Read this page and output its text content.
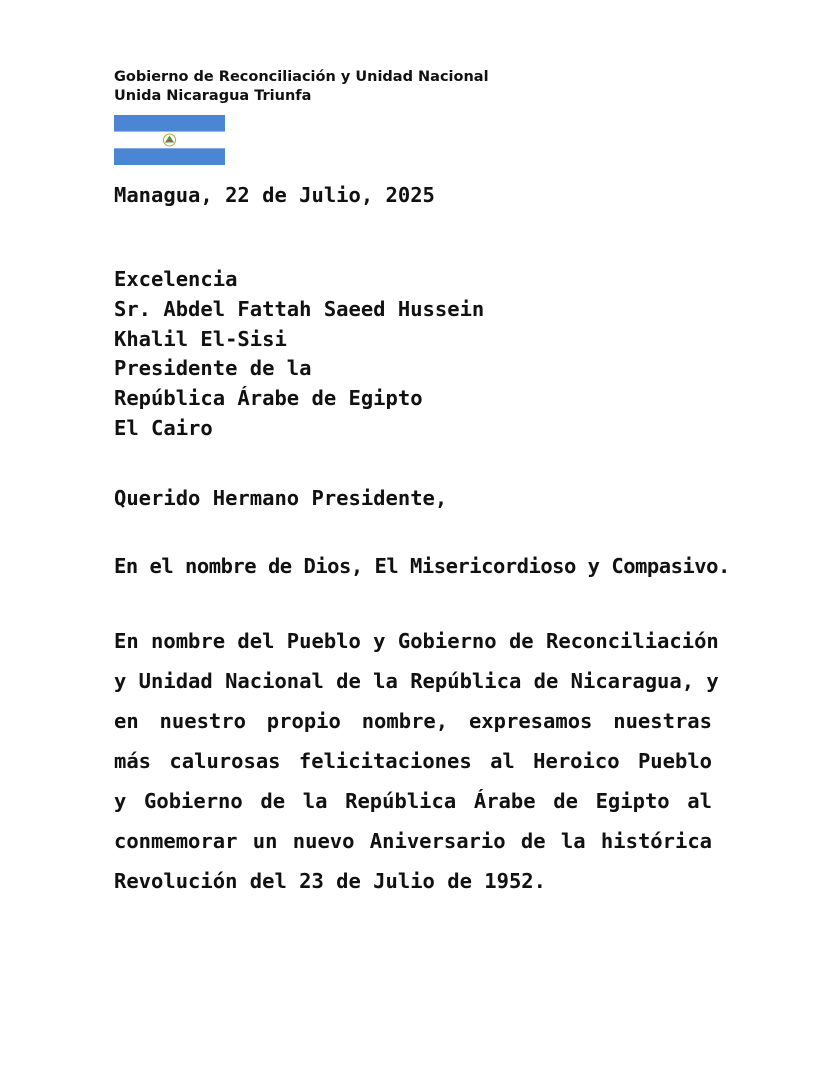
Gobierno de Reconciliación y Unidad Nacional
Unida Nicaragua Triunfa
Managua, 22 de Julio, 2025
Excelencia
Sr. Abdel Fattah Saeed Hussein
Khalil El-Sisi
Presidente de la
República Árabe de Egipto
El Cairo
Querido Hermano Presidente,
En el nombre de Dios, El Misericordioso y Compasivo.
En nombre del Pueblo y Gobierno de Reconciliación
y Unidad Nacional de la República de Nicaragua, y
en nuestro propio nombre, expresamos nuestras
más calurosas felicitaciones al Heroico Pueblo
y Gobierno de la República Árabe de Egipto al
conmemorar un nuevo Aniversario de la histórica
Revolución del 23 de Julio de 1952.
